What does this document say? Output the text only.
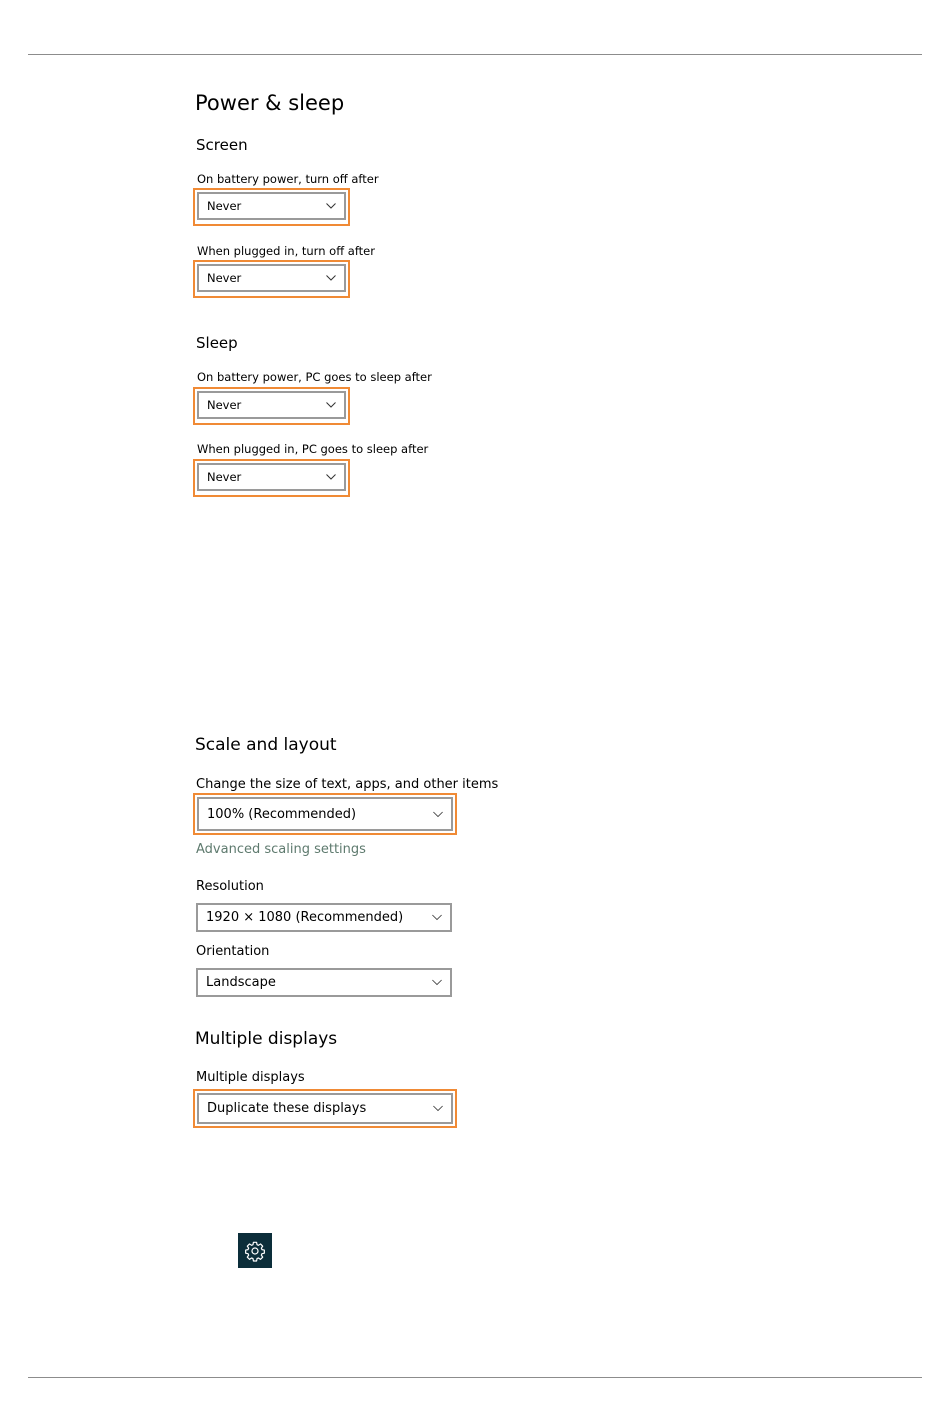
Power & sleep
Screen
On battery power, turn off after
Never
When plugged in, turn off after
Never
Sleep
On battery power, PC goes to sleep after
Never
When plugged in, PC goes to sleep after
Never
Scale and layout
Change the size of text, apps, and other items
100% (Recommended)
Advanced scaling settings
Resolution
1920 × 1080 (Recommended)
Orientation
Landscape
Multiple displays
Multiple displays
Duplicate these displays
